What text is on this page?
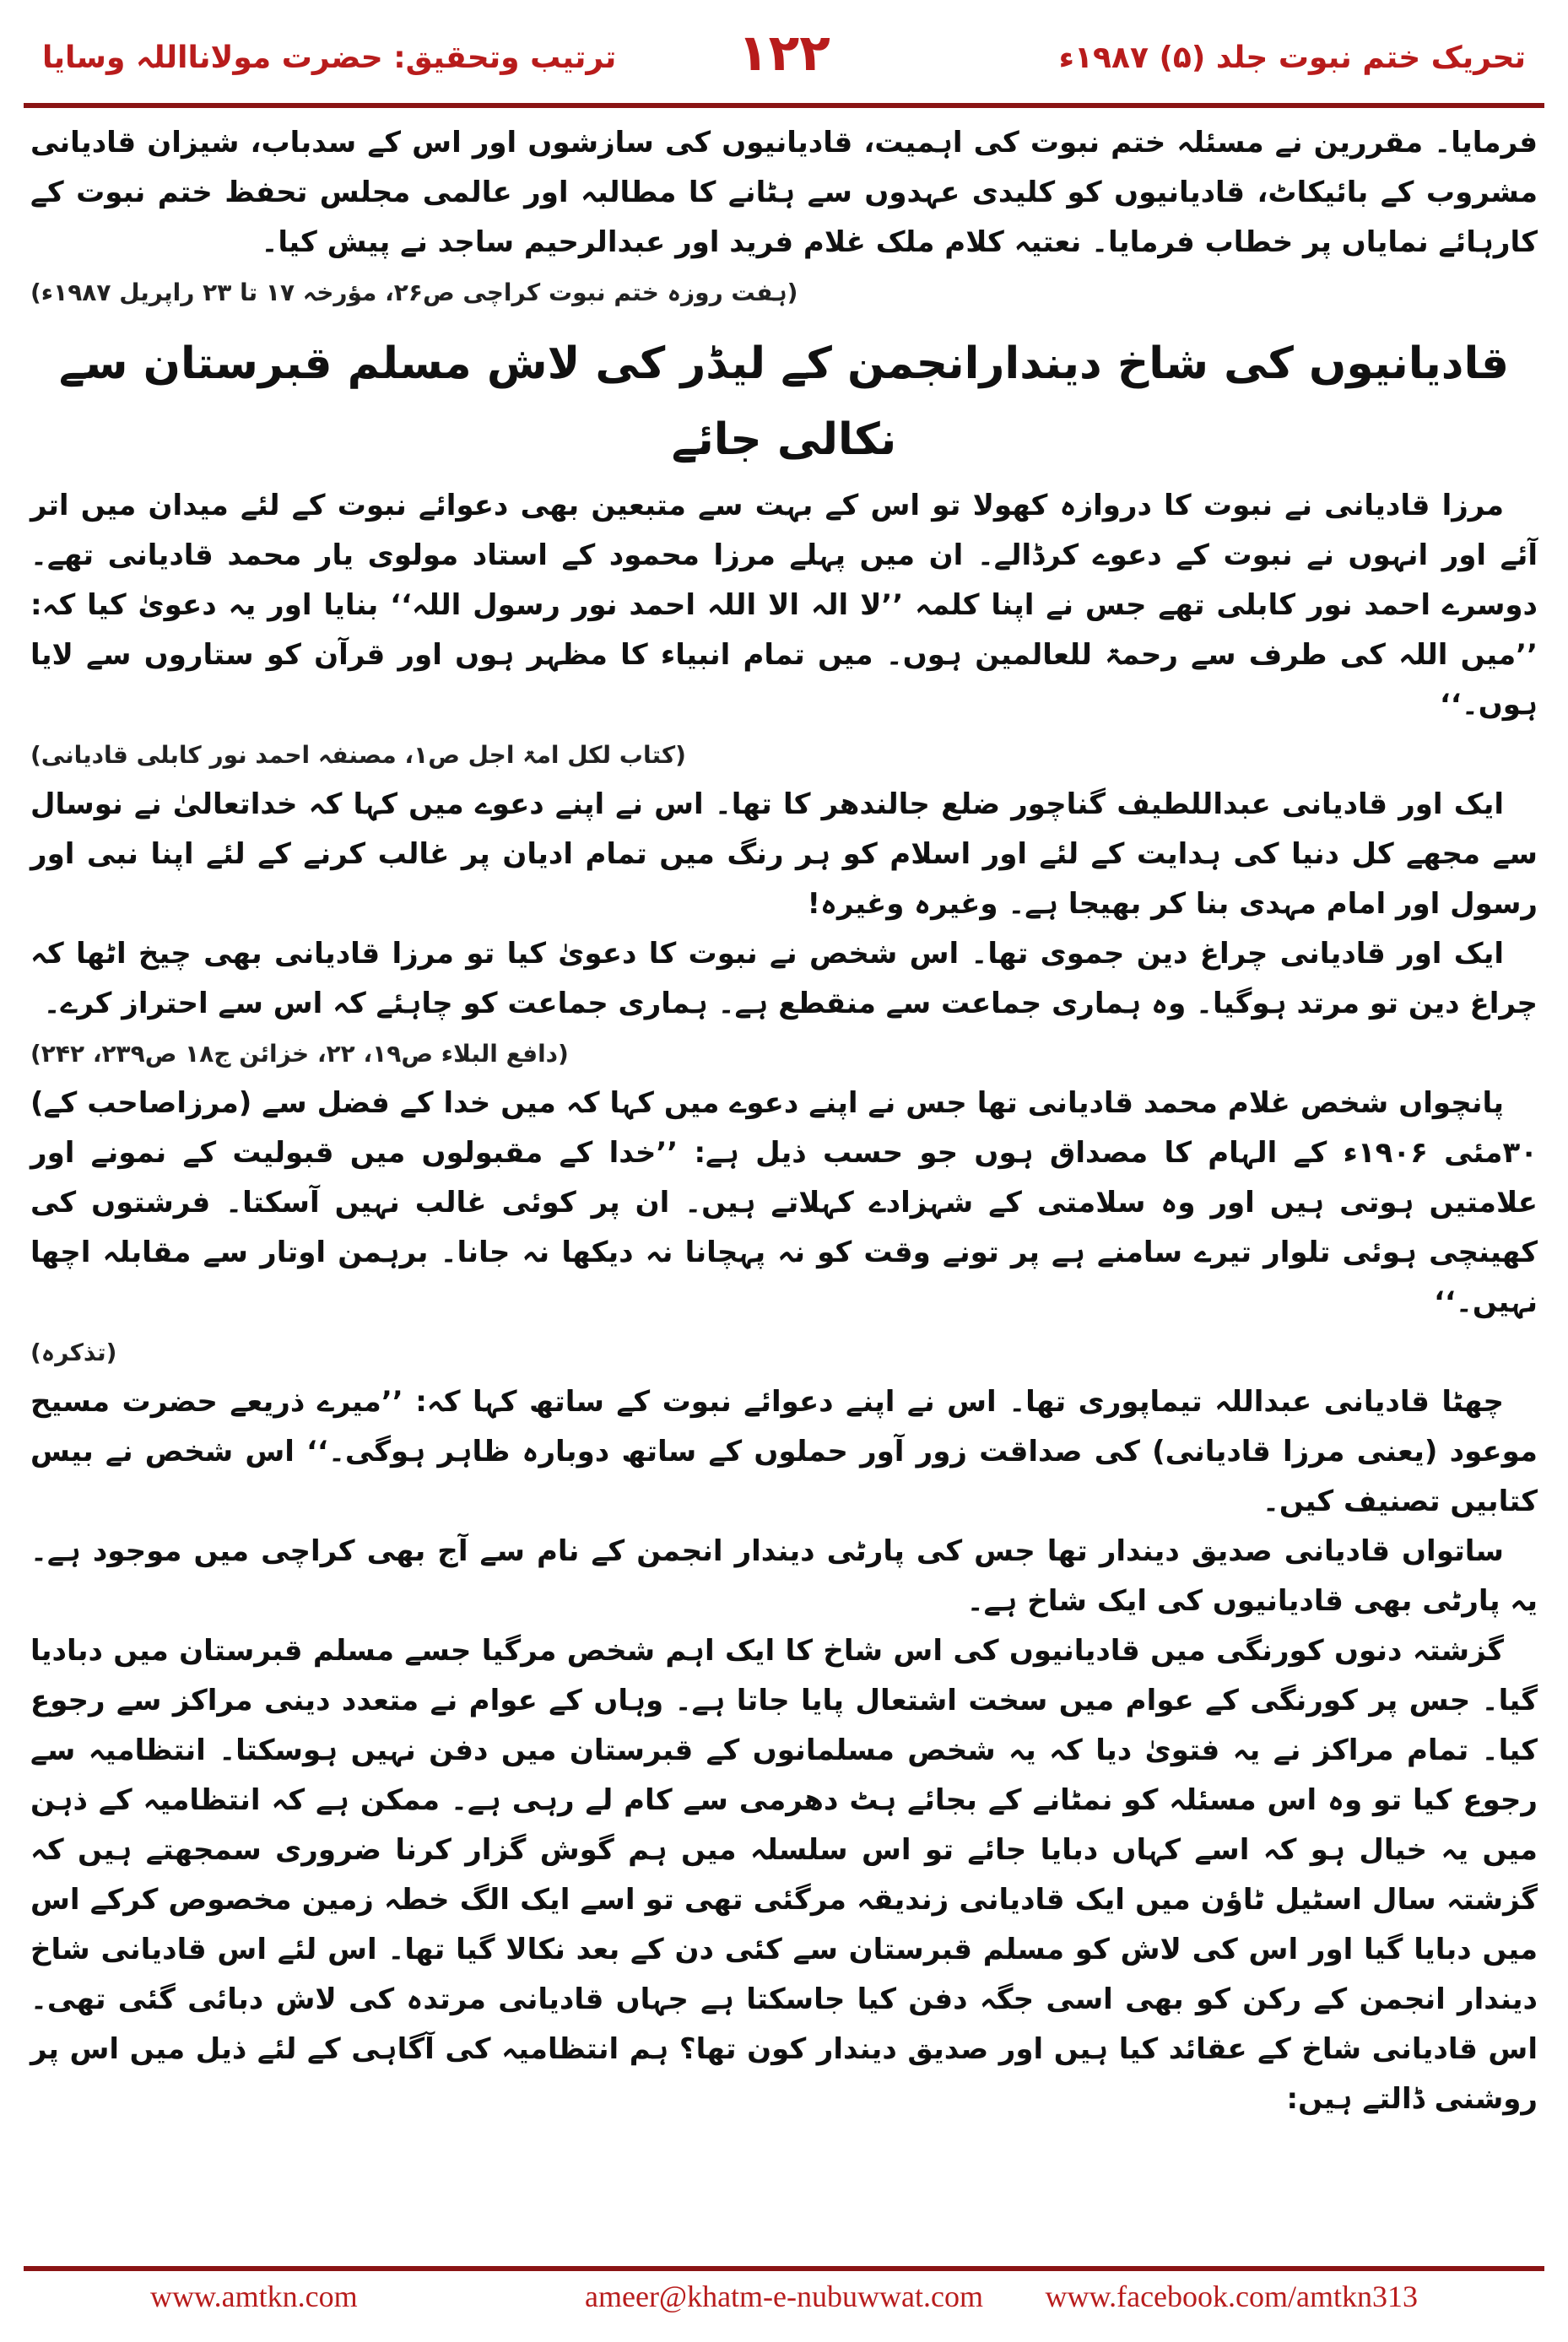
تحریک ختم نبوت جلد (۵) ۱۹۸۷ء
۱۲۲
ترتیب وتحقیق: حضرت مولانااللہ وسایا

فرمایا۔ مقررین نے مسئلہ ختم نبوت کی اہمیت، قادیانیوں کی سازشوں اور اس کے سدباب، شیزان قادیانی مشروب کے بائیکاٹ، قادیانیوں کو کلیدی عہدوں سے ہٹانے کا مطالبہ اور عالمی مجلس تحفظ ختم نبوت کے کارہائے نمایاں پر خطاب فرمایا۔ نعتیہ کلام ملک غلام فرید اور عبدالرحیم ساجد نے پیش کیا۔

(ہفت روزہ ختم نبوت کراچی ص۲۶، مؤرخہ ۱۷ تا ۲۳ راپریل ۱۹۸۷ء)

قادیانیوں کی شاخ دیندارانجمن کے لیڈر کی لاش مسلم قبرستان سے نکالی جائے

مرزا قادیانی نے نبوت کا دروازہ کھولا تو اس کے بہت سے متبعین بھی دعوائے نبوت کے لئے میدان میں اتر آئے اور انہوں نے نبوت کے دعوے کرڈالے۔ ان میں پہلے مرزا محمود کے استاد مولوی یار محمد قادیانی تھے۔ دوسرے احمد نور کابلی تھے جس نے اپنا کلمہ ’’لا الہ الا اللہ احمد نور رسول اللہ‘‘ بنایا اور یہ دعویٰ کیا کہ: ’’میں اللہ کی طرف سے رحمۃ للعالمین ہوں۔ میں تمام انبیاء کا مظہر ہوں اور قرآن کو ستاروں سے لایا ہوں۔‘‘

(کتاب لکل امۃ اجل ص۱، مصنفہ احمد نور کابلی قادیانی)

ایک اور قادیانی عبداللطیف گناچور ضلع جالندھر کا تھا۔ اس نے اپنے دعوے میں کہا کہ خداتعالیٰ نے نوسال سے مجھے کل دنیا کی ہدایت کے لئے اور اسلام کو ہر رنگ میں تمام ادیان پر غالب کرنے کے لئے اپنا نبی اور رسول اور امام مہدی بنا کر بھیجا ہے۔ وغیرہ وغیرہ!

ایک اور قادیانی چراغ دین جموی تھا۔ اس شخص نے نبوت کا دعویٰ کیا تو مرزا قادیانی بھی چیخ اٹھا کہ چراغ دین تو مرتد ہوگیا۔ وہ ہماری جماعت سے منقطع ہے۔ ہماری جماعت کو چاہئے کہ اس سے احتراز کرے۔

(دافع البلاء ص۱۹، ۲۲، خزائن ج۱۸ ص۲۳۹، ۲۴۲)

پانچواں شخص غلام محمد قادیانی تھا جس نے اپنے دعوے میں کہا کہ میں خدا کے فضل سے (مرزاصاحب کے) ۳۰مئی ۱۹۰۶ء کے الہام کا مصداق ہوں جو حسب ذیل ہے: ’’خدا کے مقبولوں میں قبولیت کے نمونے اور علامتیں ہوتی ہیں اور وہ سلامتی کے شہزادے کہلاتے ہیں۔ ان پر کوئی غالب نہیں آسکتا۔ فرشتوں کی کھینچی ہوئی تلوار تیرے سامنے ہے پر تونے وقت کو نہ پہچانا نہ دیکھا نہ جانا۔ برہمن اوتار سے مقابلہ اچھا نہیں۔‘‘

(تذکرہ)

چھٹا قادیانی عبداللہ تیماپوری تھا۔ اس نے اپنے دعوائے نبوت کے ساتھ کہا کہ: ’’میرے ذریعے حضرت مسیح موعود (یعنی مرزا قادیانی) کی صداقت زور آور حملوں کے ساتھ دوبارہ ظاہر ہوگی۔‘‘ اس شخص نے بیس کتابیں تصنیف کیں۔

ساتواں قادیانی صدیق دیندار تھا جس کی پارٹی دیندار انجمن کے نام سے آج بھی کراچی میں موجود ہے۔ یہ پارٹی بھی قادیانیوں کی ایک شاخ ہے۔

گزشتہ دنوں کورنگی میں قادیانیوں کی اس شاخ کا ایک اہم شخص مرگیا جسے مسلم قبرستان میں دبادیا گیا۔ جس پر کورنگی کے عوام میں سخت اشتعال پایا جاتا ہے۔ وہاں کے عوام نے متعدد دینی مراکز سے رجوع کیا۔ تمام مراکز نے یہ فتویٰ دیا کہ یہ شخص مسلمانوں کے قبرستان میں دفن نہیں ہوسکتا۔ انتظامیہ سے رجوع کیا تو وہ اس مسئلہ کو نمٹانے کے بجائے ہٹ دھرمی سے کام لے رہی ہے۔ ممکن ہے کہ انتظامیہ کے ذہن میں یہ خیال ہو کہ اسے کہاں دبایا جائے تو اس سلسلہ میں ہم گوش گزار کرنا ضروری سمجھتے ہیں کہ گزشتہ سال اسٹیل ٹاؤن میں ایک قادیانی زندیقہ مرگئی تھی تو اسے ایک الگ خطہ زمین مخصوص کرکے اس میں دبایا گیا اور اس کی لاش کو مسلم قبرستان سے کئی دن کے بعد نکالا گیا تھا۔ اس لئے اس قادیانی شاخ دیندار انجمن کے رکن کو بھی اسی جگہ دفن کیا جاسکتا ہے جہاں قادیانی مرتدہ کی لاش دبائی گئی تھی۔ اس قادیانی شاخ کے عقائد کیا ہیں اور صدیق دیندار کون تھا؟ ہم انتظامیہ کی آگاہی کے لئے ذیل میں اس پر روشنی ڈالتے ہیں:

www.amtkn.com	ameer@khatm-e-nubuwwat.com	www.facebook.com/amtkn313
